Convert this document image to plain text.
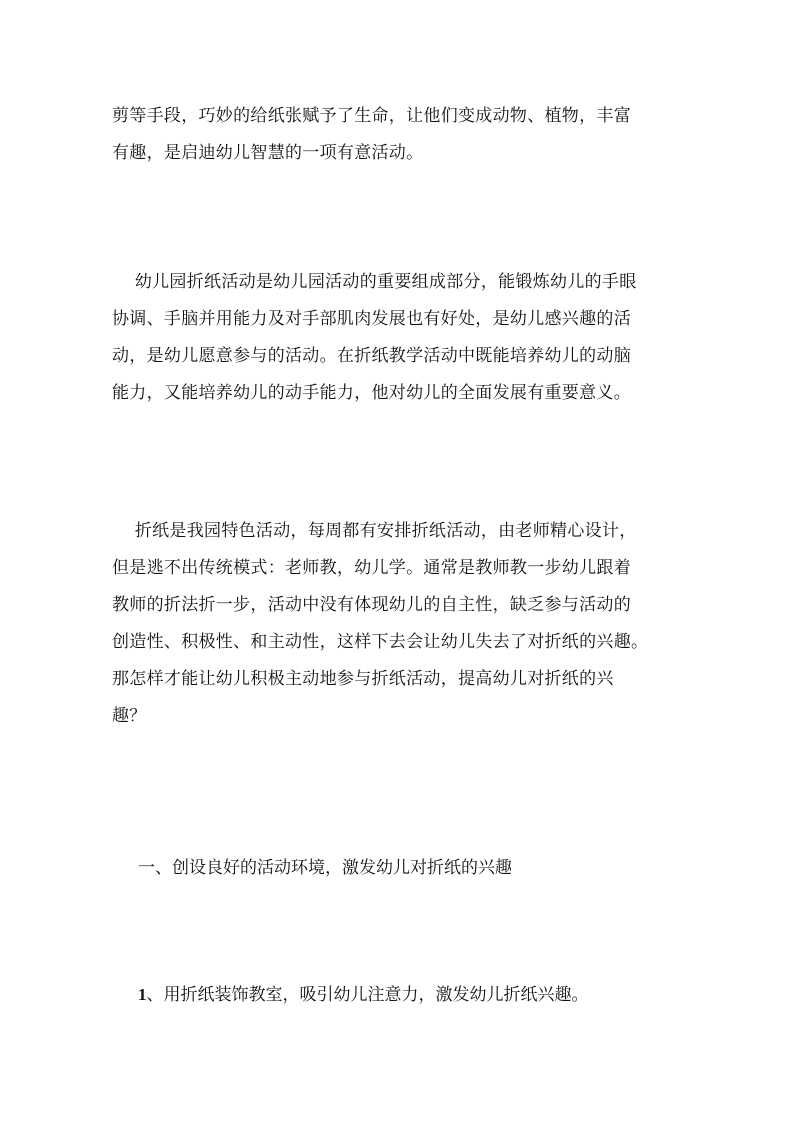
剪等手段，巧妙的给纸张赋予了生命，让他们变成动物、植物，丰富
有趣，是启迪幼儿智慧的一项有意活动。
幼儿园折纸活动是幼儿园活动的重要组成部分，能锻炼幼儿的手眼
协调、手脑并用能力及对手部肌肉发展也有好处，是幼儿感兴趣的活
动，是幼儿愿意参与的活动。在折纸教学活动中既能培养幼儿的动脑
能力，又能培养幼儿的动手能力，他对幼儿的全面发展有重要意义。
折纸是我园特色活动，每周都有安排折纸活动，由老师精心设计，
但是逃不出传统模式：老师教，幼儿学。通常是教师教一步幼儿跟着
教师的折法折一步，活动中没有体现幼儿的自主性，缺乏参与活动的
创造性、积极性、和主动性，这样下去会让幼儿失去了对折纸的兴趣。
那怎样才能让幼儿积极主动地参与折纸活动，提高幼儿对折纸的兴
趣？
一、创设良好的活动环境，激发幼儿对折纸的兴趣
1、用折纸装饰教室，吸引幼儿注意力，激发幼儿折纸兴趣。
